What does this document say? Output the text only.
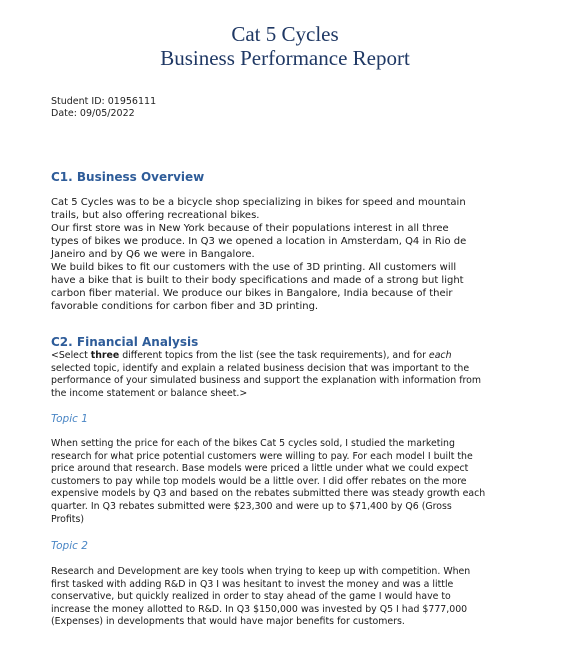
Cat 5 Cycles
Business Performance Report
Student ID: 01956111
Date: 09/05/2022
C1. Business Overview
Cat 5 Cycles was to be a bicycle shop specializing in bikes for speed and mountain
trails, but also offering recreational bikes.
Our first store was in New York because of their populations interest in all three
types of bikes we produce. In Q3 we opened a location in Amsterdam, Q4 in Rio de
Janeiro and by Q6 we were in Bangalore.
We build bikes to fit our customers with the use of 3D printing. All customers will
have a bike that is built to their body specifications and made of a strong but light
carbon fiber material. We produce our bikes in Bangalore, India because of their
favorable conditions for carbon fiber and 3D printing.
C2. Financial Analysis
<Select three different topics from the list (see the task requirements), and for each
selected topic, identify and explain a related business decision that was important to the
performance of your simulated business and support the explanation with information from
the income statement or balance sheet.>
Topic 1
When setting the price for each of the bikes Cat 5 cycles sold, I studied the marketing
research for what price potential customers were willing to pay. For each model I built the
price around that research. Base models were priced a little under what we could expect
customers to pay while top models would be a little over. I did offer rebates on the more
expensive models by Q3 and based on the rebates submitted there was steady growth each
quarter. In Q3 rebates submitted were $23,300 and were up to $71,400 by Q6 (Gross
Profits)
Topic 2
Research and Development are key tools when trying to keep up with competition. When
first tasked with adding R&D in Q3 I was hesitant to invest the money and was a little
conservative, but quickly realized in order to stay ahead of the game I would have to
increase the money allotted to R&D. In Q3 $150,000 was invested by Q5 I had $777,000
(Expenses) in developments that would have major benefits for customers.
